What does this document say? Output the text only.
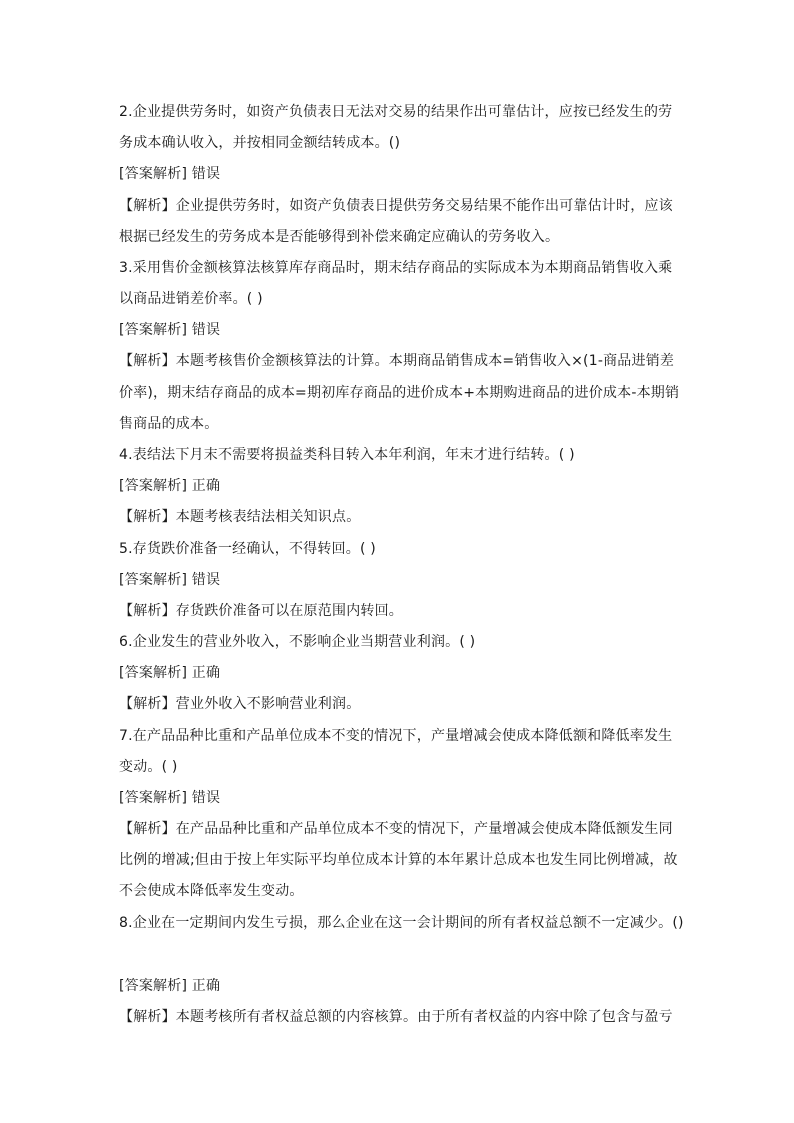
2.企业提供劳务时，如资产负债表日无法对交易的结果作出可靠估计，应按已经发生的劳
务成本确认收入，并按相同金额结转成本。()
[答案解析] 错误
【解析】企业提供劳务时，如资产负债表日提供劳务交易结果不能作出可靠估计时，应该
根据已经发生的劳务成本是否能够得到补偿来确定应确认的劳务收入。
3.采用售价金额核算法核算库存商品时，期末结存商品的实际成本为本期商品销售收入乘
以商品进销差价率。( )
[答案解析] 错误
【解析】本题考核售价金额核算法的计算。本期商品销售成本=销售收入×(1-商品进销差
价率)，期末结存商品的成本=期初库存商品的进价成本+本期购进商品的进价成本-本期销
售商品的成本。
4.表结法下月末不需要将损益类科目转入本年利润，年末才进行结转。( )
[答案解析] 正确
【解析】本题考核表结法相关知识点。
5.存货跌价准备一经确认，不得转回。( )
[答案解析] 错误
【解析】存货跌价准备可以在原范围内转回。
6.企业发生的营业外收入，不影响企业当期营业利润。( )
[答案解析] 正确
【解析】营业外收入不影响营业利润。
7.在产品品种比重和产品单位成本不变的情况下，产量增减会使成本降低额和降低率发生
变动。( )
[答案解析] 错误
【解析】在产品品种比重和产品单位成本不变的情况下，产量增减会使成本降低额发生同
比例的增减;但由于按上年实际平均单位成本计算的本年累计总成本也发生同比例增减，故
不会使成本降低率发生变动。
8.企业在一定期间内发生亏损，那么企业在这一会计期间的所有者权益总额不一定减少。()
[答案解析] 正确
【解析】本题考核所有者权益总额的内容核算。由于所有者权益的内容中除了包含与盈亏
